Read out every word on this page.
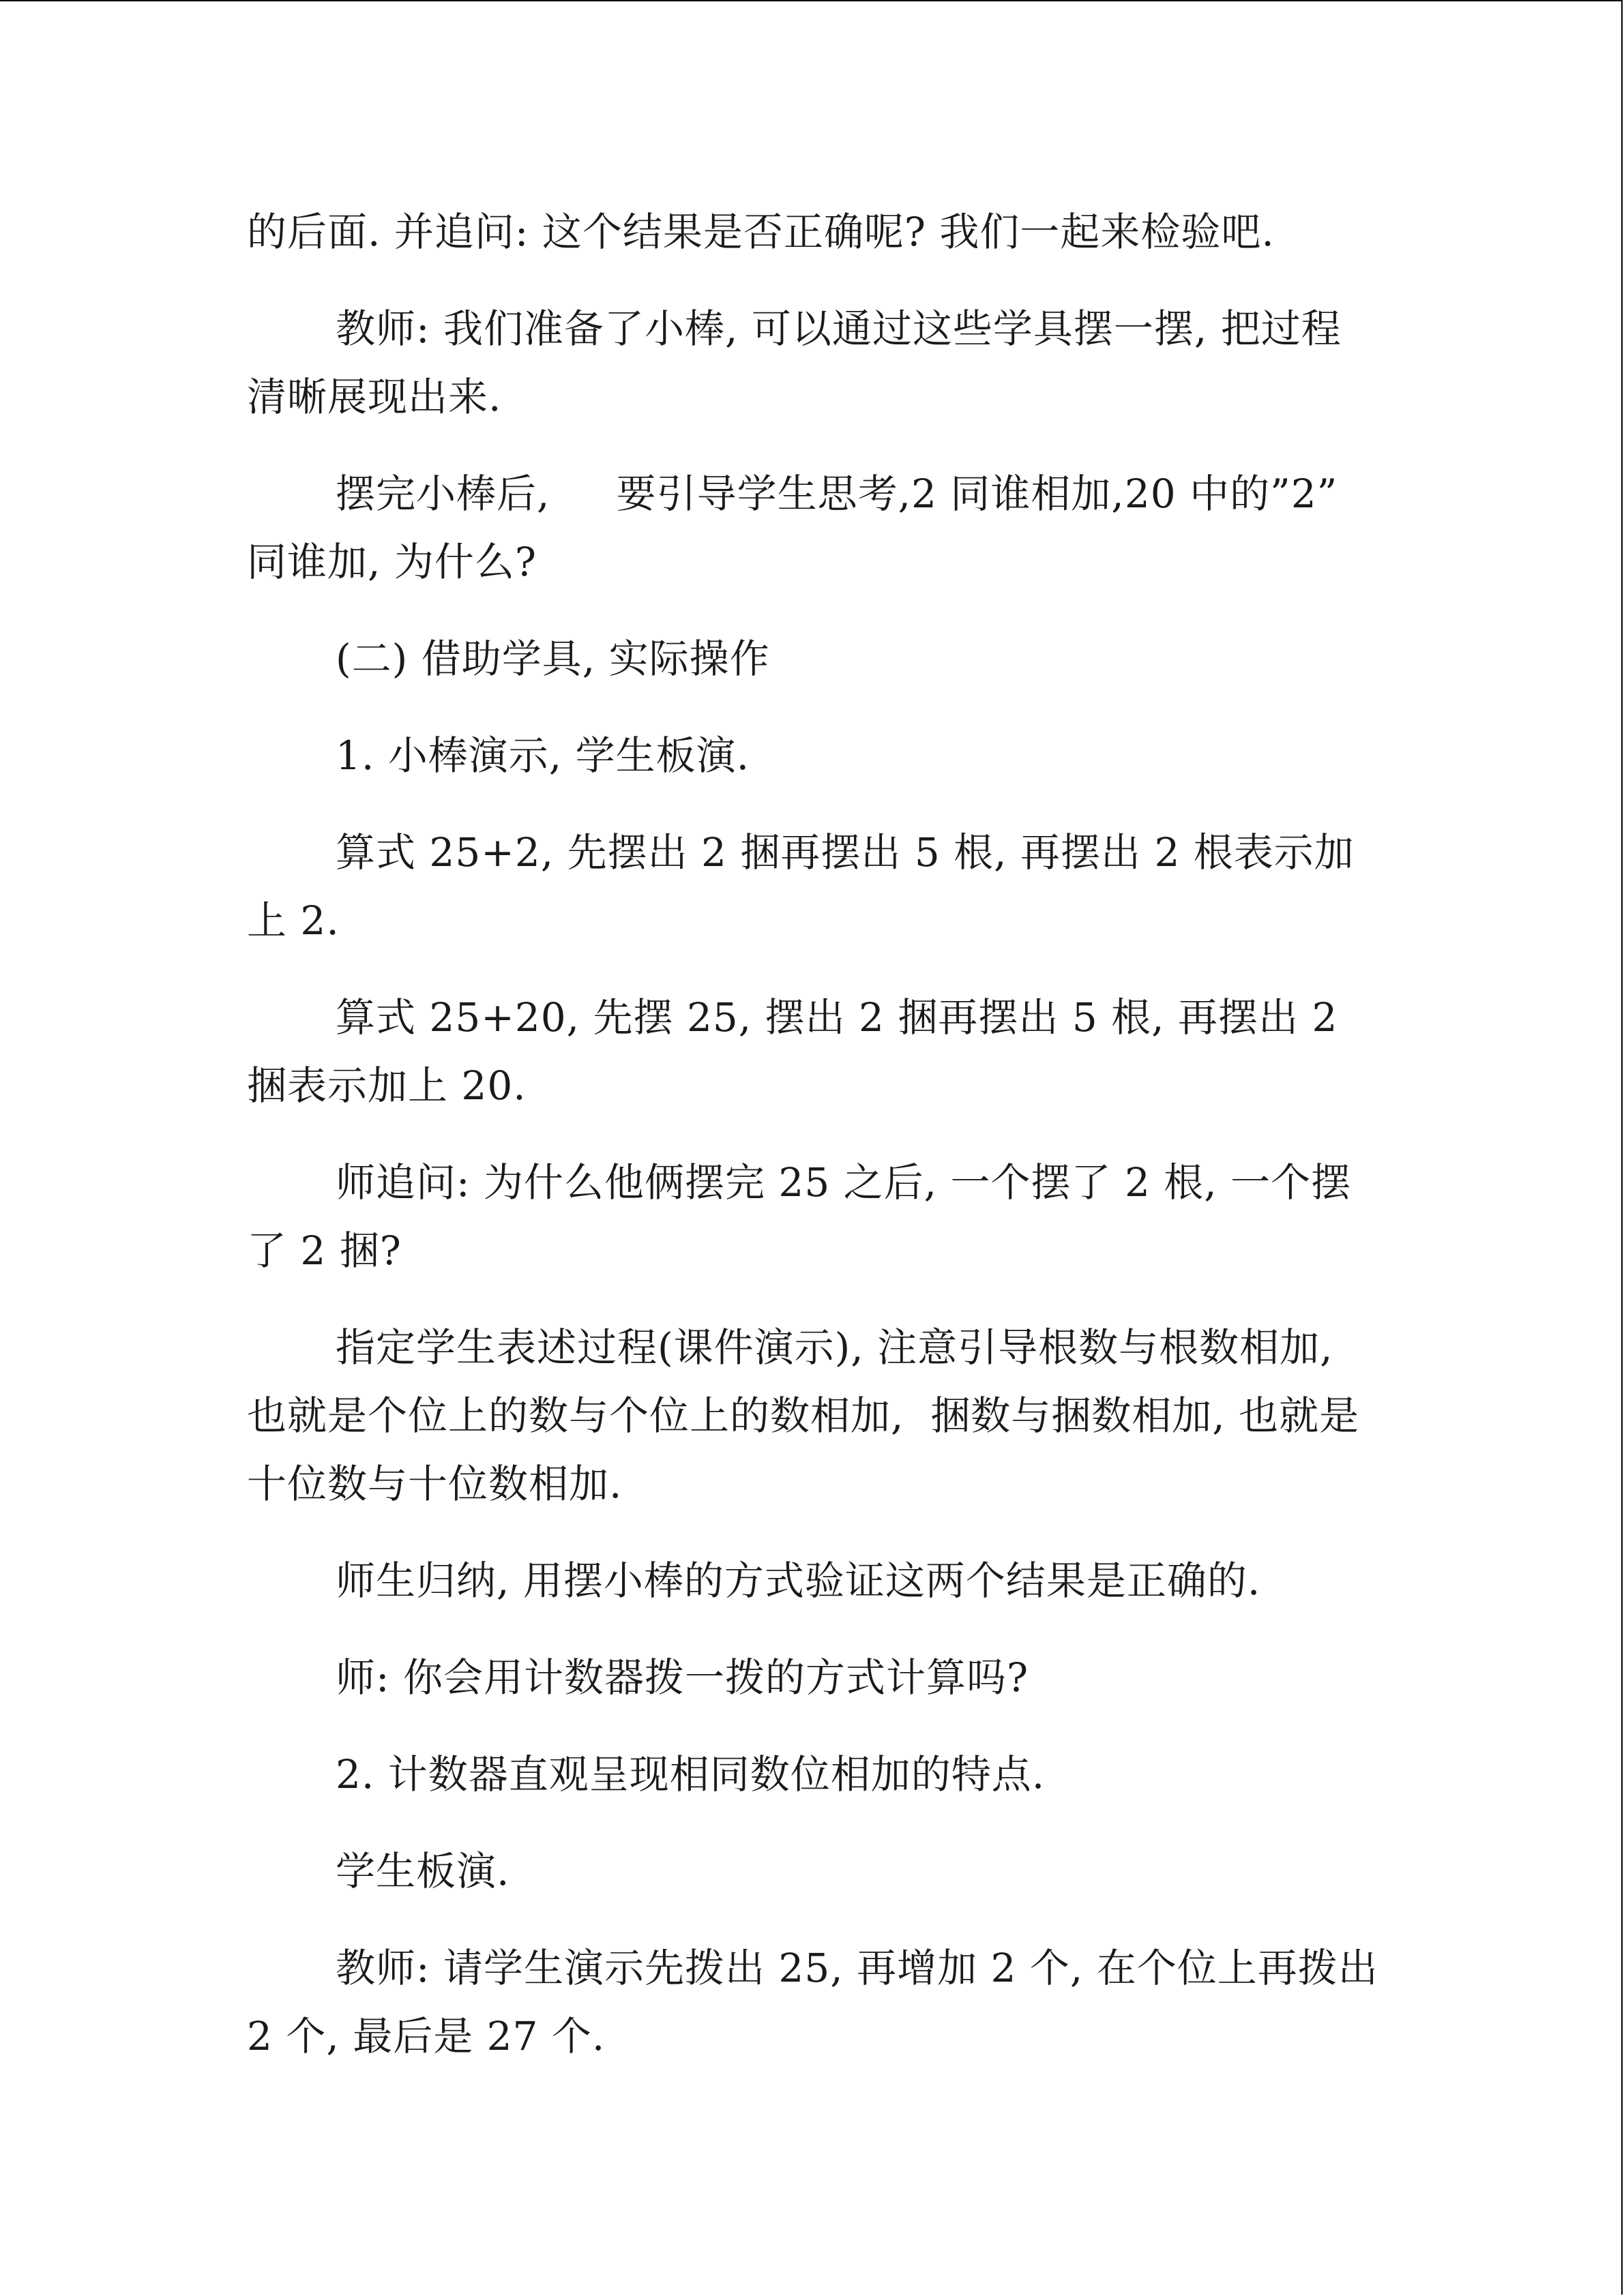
的后面. 并追问: 这个结果是否正确呢? 我们一起来检验吧.

教师: 我们准备了小棒, 可以通过这些学具摆一摆, 把过程清晰展现出来.

摆完小棒后,     要引导学生思考,2 同谁相加,20 中的”2”  同谁加, 为什么?

(二) 借助学具, 实际操作

1. 小棒演示, 学生板演.

算式 25+2, 先摆出 2 捆再摆出 5 根, 再摆出 2 根表示加上 2.

算式 25+20, 先摆 25, 摆出 2 捆再摆出 5 根, 再摆出 2 捆表示加上 20.

师追问: 为什么他俩摆完 25 之后, 一个摆了 2 根, 一个摆了 2 捆?

指定学生表述过程(课件演示), 注意引导根数与根数相加,  也就是个位上的数与个位上的数相加,  捆数与捆数相加, 也就是十位数与十位数相加.

师生归纳, 用摆小棒的方式验证这两个结果是正确的.

师: 你会用计数器拨一拨的方式计算吗?

2. 计数器直观呈现相同数位相加的特点.

学生板演.

教师: 请学生演示先拨出 25, 再增加 2 个, 在个位上再拨出 2 个, 最后是 27 个.
